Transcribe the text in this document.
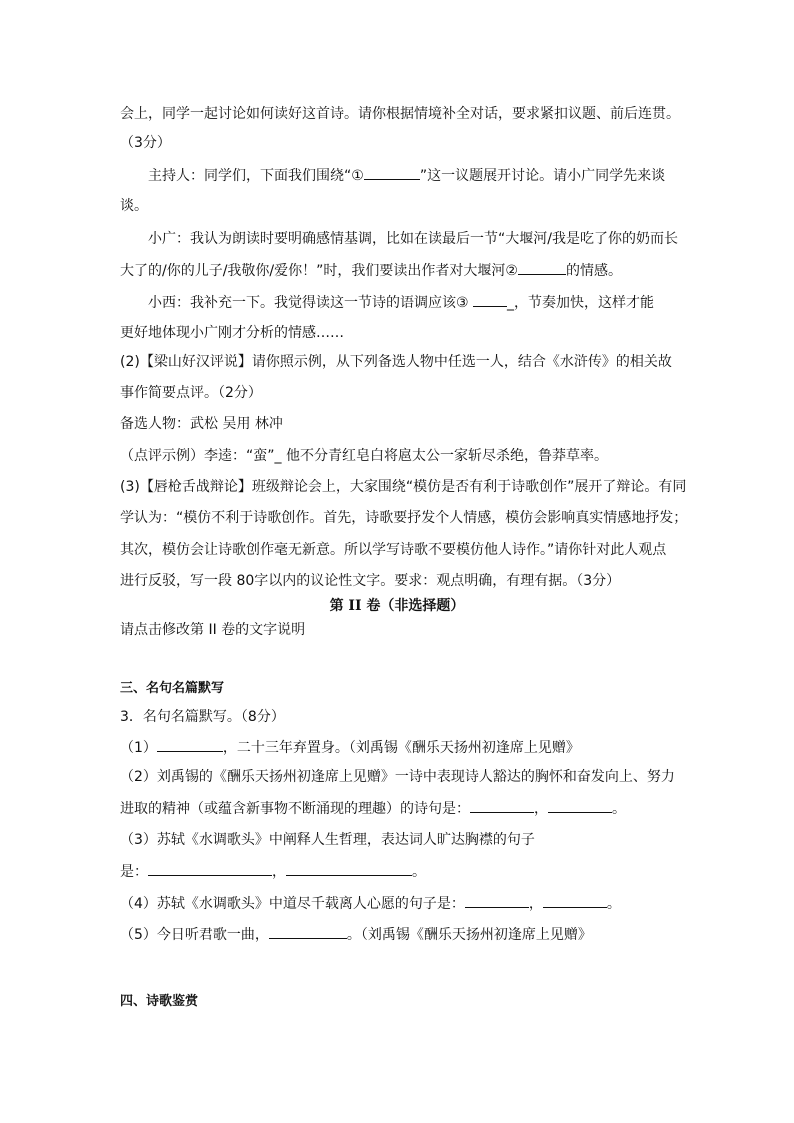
会上，同学一起讨论如何读好这首诗。请你根据情境补全对话，要求紧扣议题、前后连贯。
（3分）
主持人：同学们，下面我们围绕“①	”这一议题展开讨论。请小广同学先来谈
谈。
小广：我认为朗读时要明确感情基调，比如在读最后一节“大堰河/我是吃了你的奶而长
大了的/你的儿子/我敬你/爱你！”时，我们要读出作者对大堰河②	的情感。
小西：我补充一下。我觉得读这一节诗的语调应该③ _，节奏加快，这样才能
更好地体现小广刚才分析的情感……
(2)【梁山好汉评说】请你照示例，从下列备选人物中任选一人，结合《水浒传》的相关故
事作简要点评。（2分）
备选人物：武松 吴用 林冲
（点评示例）李逵：“蛮”_ 他不分青红皂白将扈太公一家斩尽杀绝，鲁莽草率。
(3)【唇枪舌战辩论】班级辩论会上，大家围绕“模仿是否有利于诗歌创作”展开了辩论。有同
学认为：“模仿不利于诗歌创作。首先，诗歌要抒发个人情感，模仿会影响真实情感地抒发；
其次，模仿会让诗歌创作毫无新意。所以学写诗歌不要模仿他人诗作。”请你针对此人观点
进行反驳，写一段 80字以内的议论性文字。要求：观点明确，有理有据。（3分）
第 II 卷（非选择题）
请点击修改第 II 卷的文字说明
三、名句名篇默写
3．名句名篇默写。（8分）
（1）	，二十三年弃置身。（刘禹锡《酬乐天扬州初逢席上见赠》
（2）刘禹锡的《酬乐天扬州初逢席上见赠》一诗中表现诗人豁达的胸怀和奋发向上、努力
进取的精神（或蕴含新事物不断涌现的理趣）的诗句是：	，	。
（3）苏轼《水调歌头》中阐释人生哲理，表达词人旷达胸襟的句子
是：	，	。
（4）苏轼《水调歌头》中道尽千载离人心愿的句子是：	，	。
（5）今日听君歌一曲，	。（刘禹锡《酬乐天扬州初逢席上见赠》
四、诗歌鉴赏
